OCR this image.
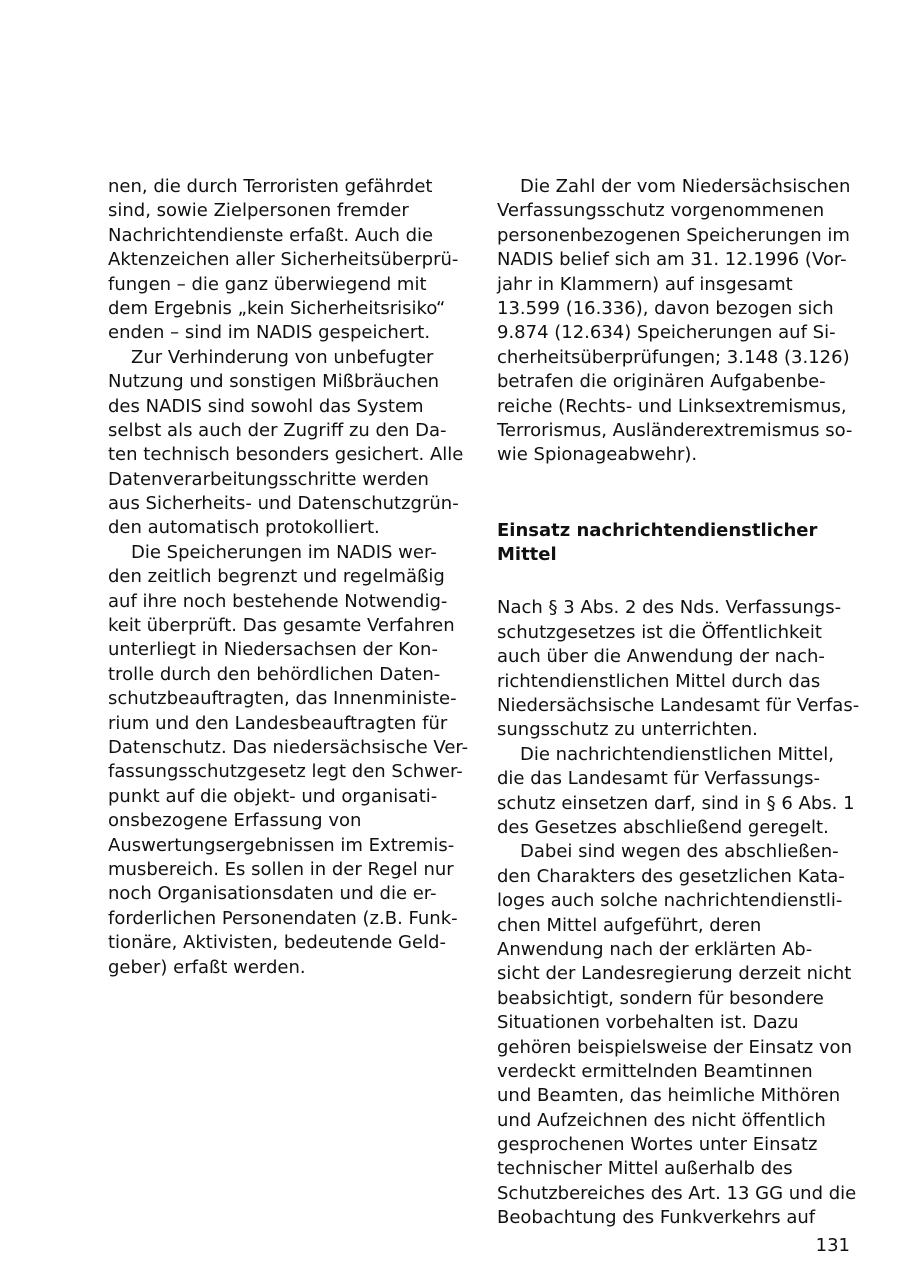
nen, die durch Terroristen gefährdet
sind, sowie Zielpersonen fremder
Nachrichtendienste erfaßt. Auch die
Aktenzeichen aller Sicherheitsüberprü-
fungen – die ganz überwiegend mit
dem Ergebnis „kein Sicherheitsrisiko“
enden – sind im NADIS gespeichert.
Zur Verhinderung von unbefugter
Nutzung und sonstigen Mißbräuchen
des NADIS sind sowohl das System
selbst als auch der Zugriff zu den Da-
ten technisch besonders gesichert. Alle
Datenverarbeitungsschritte werden
aus Sicherheits- und Datenschutzgrün-
den automatisch protokolliert.
Die Speicherungen im NADIS wer-
den zeitlich begrenzt und regelmäßig
auf ihre noch bestehende Notwendig-
keit überprüft. Das gesamte Verfahren
unterliegt in Niedersachsen der Kon-
trolle durch den behördlichen Daten-
schutzbeauftragten, das Innenministe-
rium und den Landesbeauftragten für
Datenschutz. Das niedersächsische Ver-
fassungsschutzgesetz legt den Schwer-
punkt auf die objekt- und organisati-
onsbezogene Erfassung von
Auswertungsergebnissen im Extremis-
musbereich. Es sollen in der Regel nur
noch Organisationsdaten und die er-
forderlichen Personendaten (z.B. Funk-
tionäre, Aktivisten, bedeutende Geld-
geber) erfaßt werden.
Die Zahl der vom Niedersächsischen
Verfassungsschutz vorgenommenen
personenbezogenen Speicherungen im
NADIS belief sich am 31. 12.1996 (Vor-
jahr in Klammern) auf insgesamt
13.599 (16.336), davon bezogen sich
9.874 (12.634) Speicherungen auf Si-
cherheitsüberprüfungen; 3.148 (3.126)
betrafen die originären Aufgabenbe-
reiche (Rechts- und Linksextremismus,
Terrorismus, Ausländerextremismus so-
wie Spionageabwehr).
Einsatz nachrichtendienstlicher
Mittel
Nach § 3 Abs. 2 des Nds. Verfassungs-
schutzgesetzes ist die Öffentlichkeit
auch über die Anwendung der nach-
richtendienstlichen Mittel durch das
Niedersächsische Landesamt für Verfas-
sungsschutz zu unterrichten.
Die nachrichtendienstlichen Mittel,
die das Landesamt für Verfassungs-
schutz einsetzen darf, sind in § 6 Abs. 1
des Gesetzes abschließend geregelt.
Dabei sind wegen des abschließen-
den Charakters des gesetzlichen Kata-
loges auch solche nachrichtendienstli-
chen Mittel aufgeführt, deren
Anwendung nach der erklärten Ab-
sicht der Landesregierung derzeit nicht
beabsichtigt, sondern für besondere
Situationen vorbehalten ist. Dazu
gehören beispielsweise der Einsatz von
verdeckt ermittelnden Beamtinnen
und Beamten, das heimliche Mithören
und Aufzeichnen des nicht öffentlich
gesprochenen Wortes unter Einsatz
technischer Mittel außerhalb des
Schutzbereiches des Art. 13 GG und die
Beobachtung des Funkverkehrs auf
131
